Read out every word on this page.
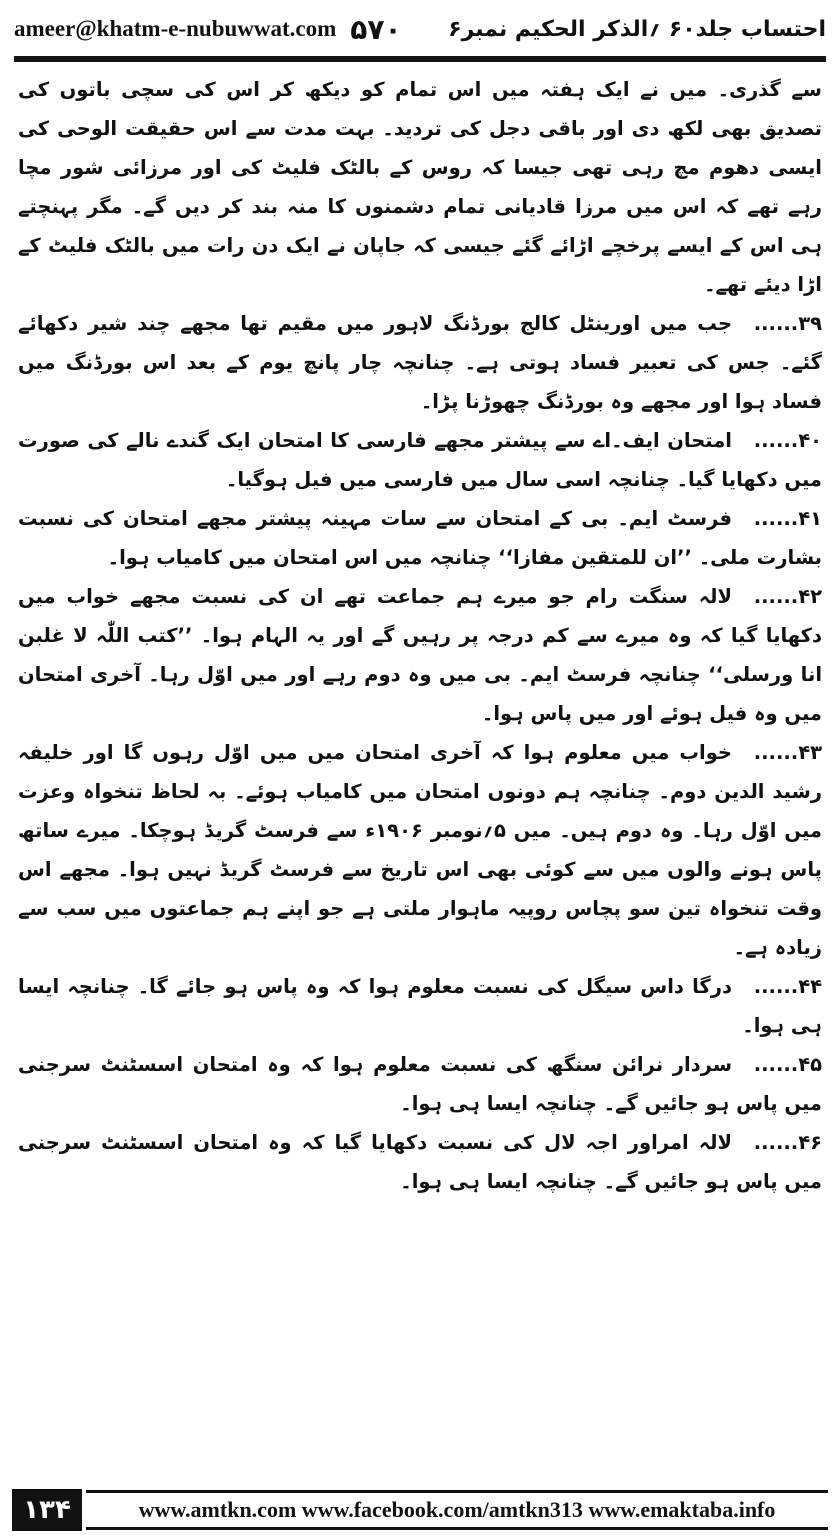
ameer@khatm-e-nubuwwat.com ۵۷۰ احتساب جلد۶۰ ؍الذکر الحکیم نمبر۶

سے گذری۔ میں نے ایک ہفتہ میں اس تمام کو دیکھ کر اس کی سچی باتوں کی تصدیق بھی لکھ دی اور باقی دجل کی تردید۔ بہت مدت سے اس حقیقت الوحی کی ایسی دھوم مچ رہی تھی جیسا کہ روس کے بالٹک فلیٹ کی اور مرزائی شور مچا رہے تھے کہ اس میں مرزا قادیانی تمام دشمنوں کا منہ بند کر دیں گے۔ مگر پہنچتے ہی اس کے ایسے پرخچے اڑائے گئے جیسی کہ جاپان نے ایک دن رات میں بالٹک فلیٹ کے اڑا دیئے تھے۔

۳۹......جب میں اورینٹل کالج بورڈنگ لاہور میں مقیم تھا مجھے چند شیر دکھائے گئے۔ جس کی تعبیر فساد ہوتی ہے۔ چنانچہ چار پانچ یوم کے بعد اس بورڈنگ میں فساد ہوا اور مجھے وہ بورڈنگ چھوڑنا پڑا۔

۴۰......امتحان ایف۔اے سے پیشتر مجھے فارسی کا امتحان ایک گندے نالے کی صورت میں دکھایا گیا۔ چنانچہ اسی سال میں فارسی میں فیل ہوگیا۔

۴۱......فرسٹ ایم۔ بی کے امتحان سے سات مہینہ پیشتر مجھے امتحان کی نسبت بشارت ملی۔ ’’ان للمتقین مفازا‘‘ چنانچہ میں اس امتحان میں کامیاب ہوا۔

۴۲......لالہ سنگت رام جو میرے ہم جماعت تھے ان کی نسبت مجھے خواب میں دکھایا گیا کہ وہ میرے سے کم درجہ پر رہیں گے اور یہ الہام ہوا۔ ’’کتب اللّٰہ لا غلبن انا ورسلی‘‘ چنانچہ فرسٹ ایم۔ بی میں وہ دوم رہے اور میں اوّل رہا۔ آخری امتحان میں وہ فیل ہوئے اور میں پاس ہوا۔

۴۳......خواب میں معلوم ہوا کہ آخری امتحان میں میں اوّل رہوں گا اور خلیفہ رشید الدین دوم۔ چنانچہ ہم دونوں امتحان میں کامیاب ہوئے۔ بہ لحاظ تنخواہ وعزت میں اوّل رہا۔ وہ دوم ہیں۔ میں ۵؍نومبر ۱۹۰۶ء سے فرسٹ گریڈ ہوچکا۔ میرے ساتھ پاس ہونے والوں میں سے کوئی بھی اس تاریخ سے فرسٹ گریڈ نہیں ہوا۔ مجھے اس وقت تنخواہ تین سو پچاس روپیہ ماہوار ملتی ہے جو اپنے ہم جماعتوں میں سب سے زیادہ ہے۔

۴۴......درگا داس سیگل کی نسبت معلوم ہوا کہ وہ پاس ہو جائے گا۔ چنانچہ ایسا ہی ہوا۔

۴۵......سردار نرائن سنگھ کی نسبت معلوم ہوا کہ وہ امتحان اسسٹنٹ سرجنی میں پاس ہو جائیں گے۔ چنانچہ ایسا ہی ہوا۔

۴۶......لالہ امراور اجہ لال کی نسبت دکھایا گیا کہ وہ امتحان اسسٹنٹ سرجنی میں پاس ہو جائیں گے۔ چنانچہ ایسا ہی ہوا۔

۱۳۴	www.amtkn.com www.facebook.com/amtkn313 www.emaktaba.info
